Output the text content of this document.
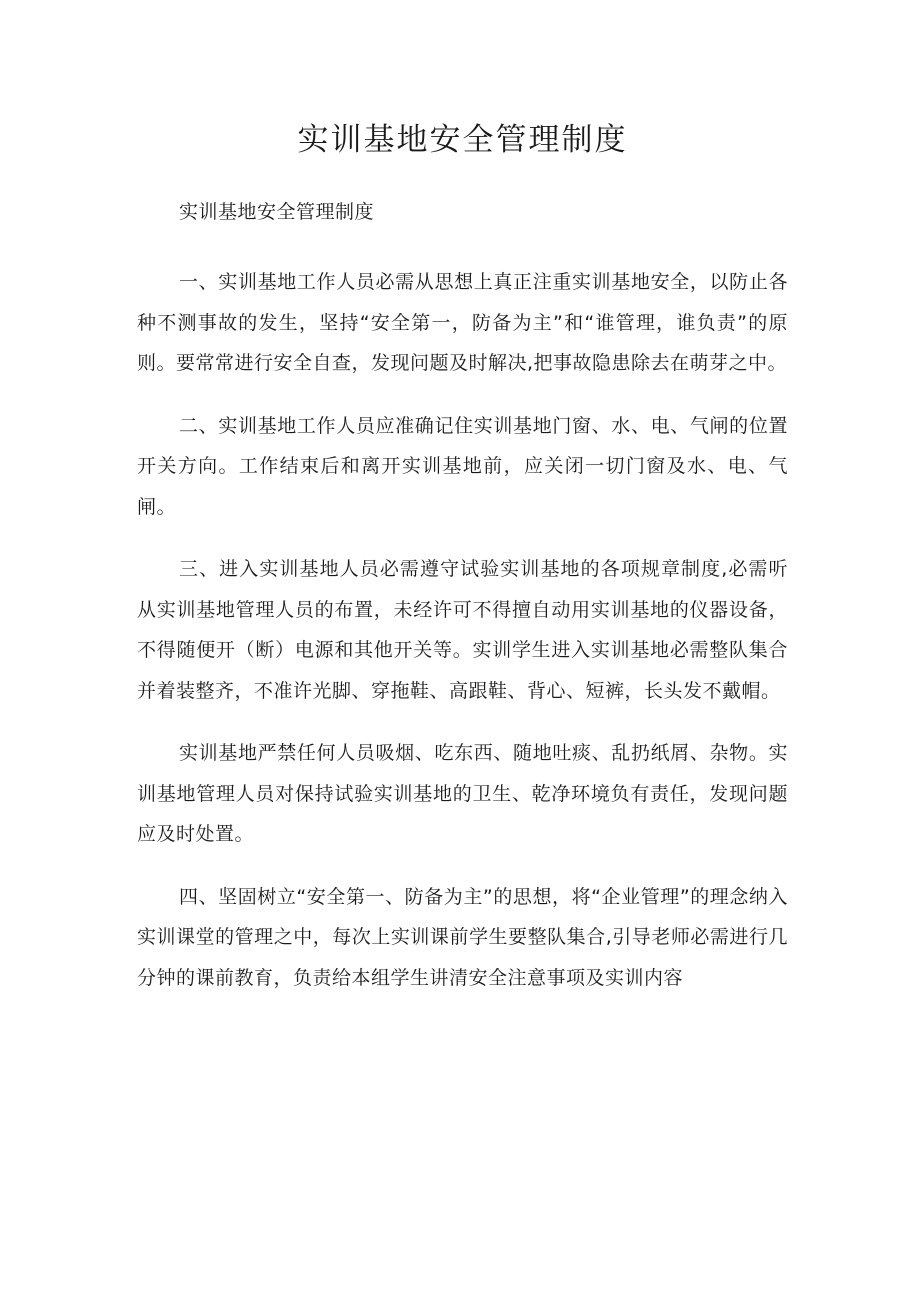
实训基地安全管理制度

实训基地安全管理制度

一、实训基地工作人员必需从思想上真正注重实训基地安全，以防止各种不测事故的发生，坚持“安全第一，防备为主”和“谁管理，谁负责”的原则。要常常进行安全自查，发现问题及时解决,把事故隐患除去在萌芽之中。

二、实训基地工作人员应准确记住实训基地门窗、水、电、气闸的位置开关方向。工作结束后和离开实训基地前，应关闭一切门窗及水、电、气闸。

三、进入实训基地人员必需遵守试验实训基地的各项规章制度,必需听从实训基地管理人员的布置，未经许可不得擅自动用实训基地的仪器设备，不得随便开（断）电源和其他开关等。实训学生进入实训基地必需整队集合并着装整齐，不准许光脚、穿拖鞋、高跟鞋、背心、短裤，长头发不戴帽。

实训基地严禁任何人员吸烟、吃东西、随地吐痰、乱扔纸屑、杂物。实训基地管理人员对保持试验实训基地的卫生、乾净环境负有责任，发现问题应及时处置。

四、坚固树立“安全第一、防备为主”的思想，将“企业管理”的理念纳入实训课堂的管理之中，每次上实训课前学生要整队集合,引导老师必需进行几分钟的课前教育，负责给本组学生讲清安全注意事项及实训内容
